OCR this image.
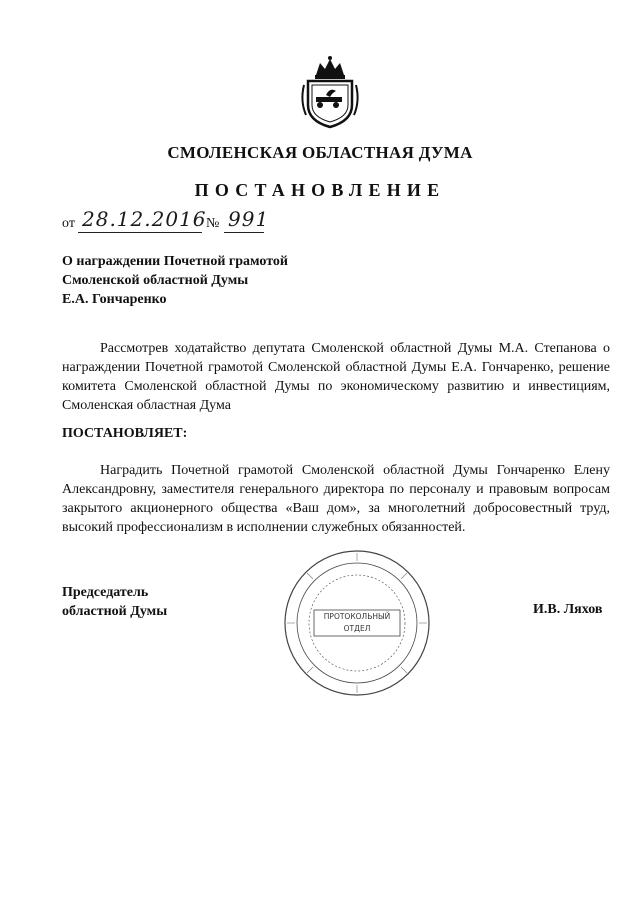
СМОЛЕНСКАЯ ОБЛАСТНАЯ ДУМА
ПОСТАНОВЛЕНИЕ
от 28.12.2016 № 991
О награждении Почетной грамотой
Смоленской областной Думы
Е.А. Гончаренко
Рассмотрев ходатайство депутата Смоленской областной Думы М.А. Степанова о награждении Почетной грамотой Смоленской областной Думы Е.А. Гончаренко, решение комитета Смоленской областной Думы по экономическому развитию и инвестициям, Смоленская областная Дума
ПОСТАНОВЛЯЕТ:
Наградить Почетной грамотой Смоленской областной Думы Гончаренко Елену Александровну, заместителя генерального директора по персоналу и правовым вопросам закрытого акционерного общества «Ваш дом», за многолетний добросовестный труд, высокий профессионализм в исполнении служебных обязанностей.
ПРОТОКОЛЬНЫЙ
ОТДЕЛ
Председатель
областной Думы	И.В. Ляхов
